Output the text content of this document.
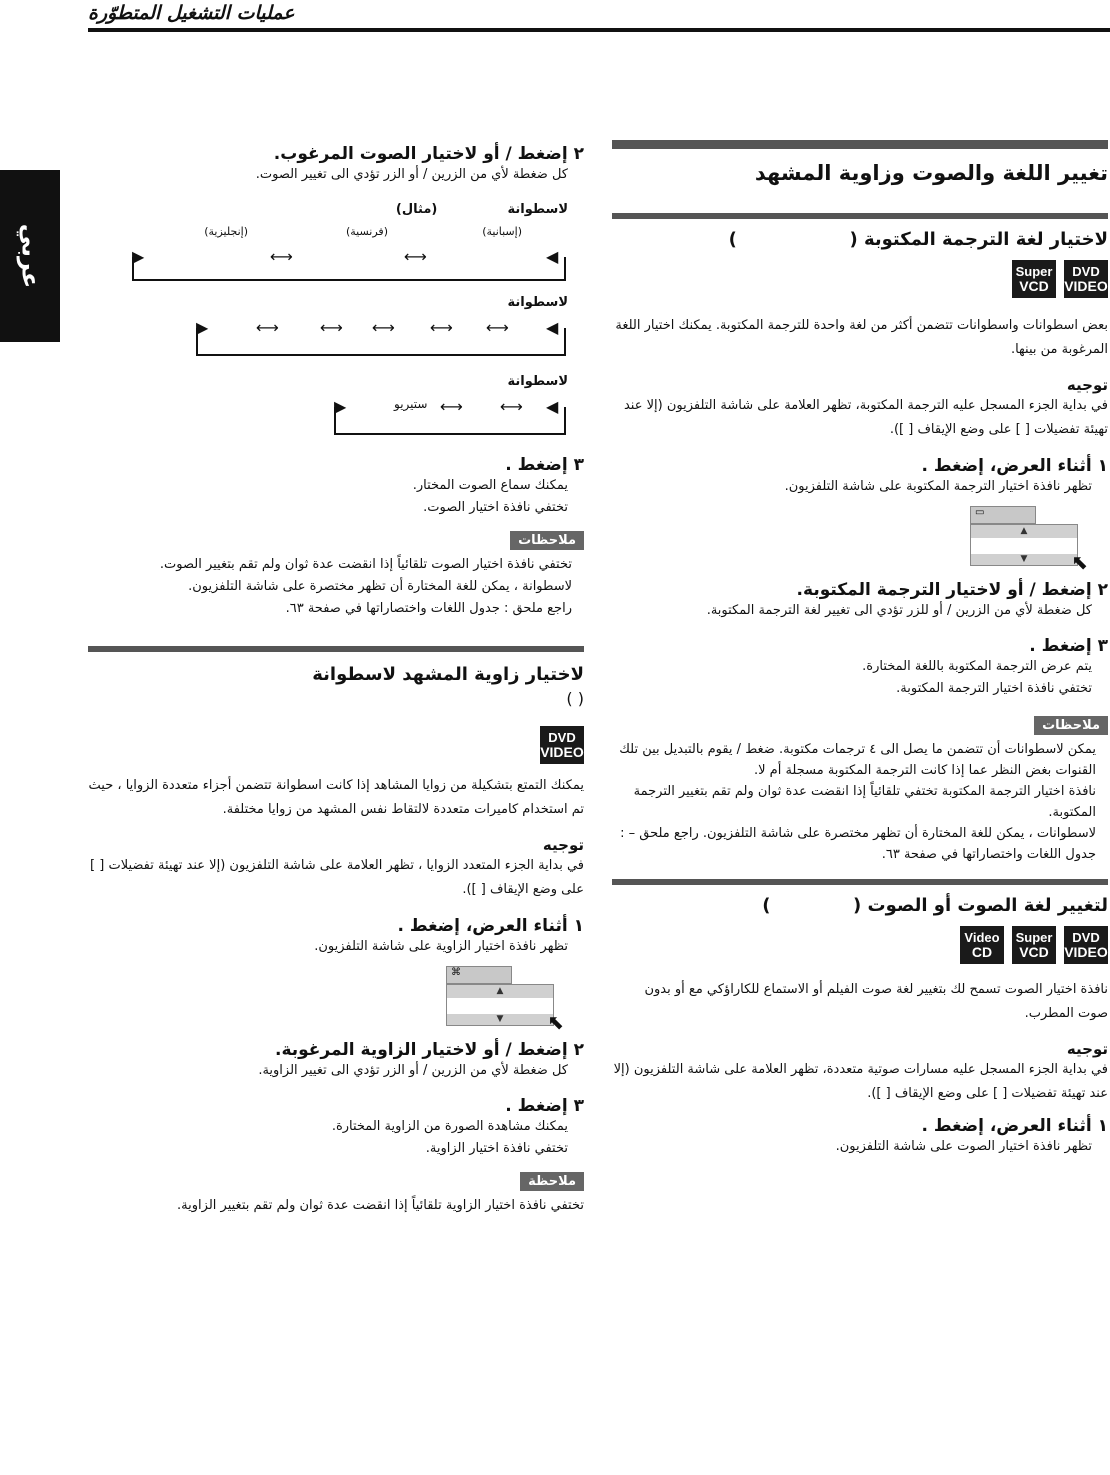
عمليات التشغيل المتطوّرة
عربي
تغيير اللغة والصوت وزاوية المشهد
لاختيار لغة الترجمة المكتوبة (  )
DVD
VIDEO
Super
VCD
بعض اسطوانات واسطوانات تتضمن أكثر من لغة واحدة للترجمة المكتوبة. يمكنك اختيار اللغة المرغوبة من بينها.
توجيه
في بداية الجزء المسجل عليه الترجمة المكتوبة، تظهر العلامة على شاشة التلفزيون (إلا عند تهيئة تفضيلات [ ] على وضع الإيقاف [ ]).
١ أثناء العرض، إضغط .
تظهر نافذة اختيار الترجمة المكتوبة على شاشة التلفزيون.
▭
▲
▼ ⬉
٢ إضغط / أو لاختيار الترجمة المكتوبة.
كل ضغطة لأي من الزرين / أو للزر تؤدي الى تغيير لغة الترجمة المكتوبة.
٣ إضغط .
يتم عرض الترجمة المكتوبة باللغة المختارة.
تختفي نافذة اختيار الترجمة المكتوبة.
ملاحظات
يمكن لاسطوانات أن تتضمن ما يصل الى ٤ ترجمات مكتوبة. ضغط / يقوم بالتبديل بين تلك القنوات بغض النظر عما إذا كانت الترجمة المكتوبة مسجلة أم لا.
نافذة اختيار الترجمة المكتوبة تختفي تلقائياً إذا انقضت عدة ثوان ولم تقم بتغيير الترجمة المكتوبة.
لاسطوانات ، يمكن للغة المختارة أن تظهر مختصرة على شاشة التلفزيون. راجع ملحق – : جدول اللغات واختصاراتها في صفحة ٦٣.
لتغيير لغة الصوت أو الصوت (  )
DVD
VIDEO
Super
VCD
Video
CD
نافذة اختيار الصوت تسمح لك بتغيير لغة صوت الفيلم أو الاستماع للكاراؤكي مع أو بدون صوت المطرب.
توجيه
في بداية الجزء المسجل عليه مسارات صوتية متعددة، تظهر العلامة على شاشة التلفزيون (إلا عند تهيئة تفضيلات [ ] على وضع الإيقاف [ ]).
١ أثناء العرض، إضغط .
تظهر نافذة اختيار الصوت على شاشة التلفزيون.
٢ إضغط / أو لاختيار الصوت المرغوب.
كل ضغطة لأي من الزرين / أو الزر تؤدي الى تغيير الصوت.
لاسطوانة  (مثال)
(إسبانية)
(فرنسية)
(إنجليزية)
▶	⟷	⟷	◀
لاسطوانة
▶	⟷	⟷ ⟷ ⟷ ⟷ ◀
لاسطوانة
▶	ستيريو ⟷ ⟷ ◀
٣ إضغط .
يمكنك سماع الصوت المختار.
تختفي نافذة اختيار الصوت.
ملاحظات
تختفي نافذة اختيار الصوت تلقائياً إذا انقضت عدة ثوان ولم تقم بتغيير الصوت.
لاسطوانة ، يمكن للغة المختارة أن تظهر مختصرة على شاشة التلفزيون.
راجع ملحق : جدول اللغات واختصاراتها في صفحة ٦٣.
لاختيار زاوية المشهد لاسطوانة
( )
DVD
VIDEO
يمكنك التمتع بتشكيلة من زوايا المشاهد إذا كانت اسطوانة تتضمن أجزاء متعددة الزوايا ، حيث تم استخدام كاميرات متعددة لالتقاط نفس المشهد من زوايا مختلفة.
توجيه
في بداية الجزء المتعدد الزوايا ، تظهر العلامة على شاشة التلفزيون (إلا عند تهيئة تفضيلات [ ] على وضع الإيقاف [ ]).
١ أثناء العرض، إضغط .
تظهر نافذة اختيار الزاوية على شاشة التلفزيون.
⌘
▲
▼ ⬉
٢ إضغط / أو لاختيار الزاوية المرغوبة.
كل ضغطة لأي من الزرين / أو الزر تؤدي الى تغيير الزاوية.
٣ إضغط .
يمكنك مشاهدة الصورة من الزاوية المختارة.
تختفي نافذة اختيار الزاوية.
ملاحظة
تختفي نافذة اختيار الزاوية تلقائياً إذا انقضت عدة ثوان ولم تقم بتغيير الزاوية.
